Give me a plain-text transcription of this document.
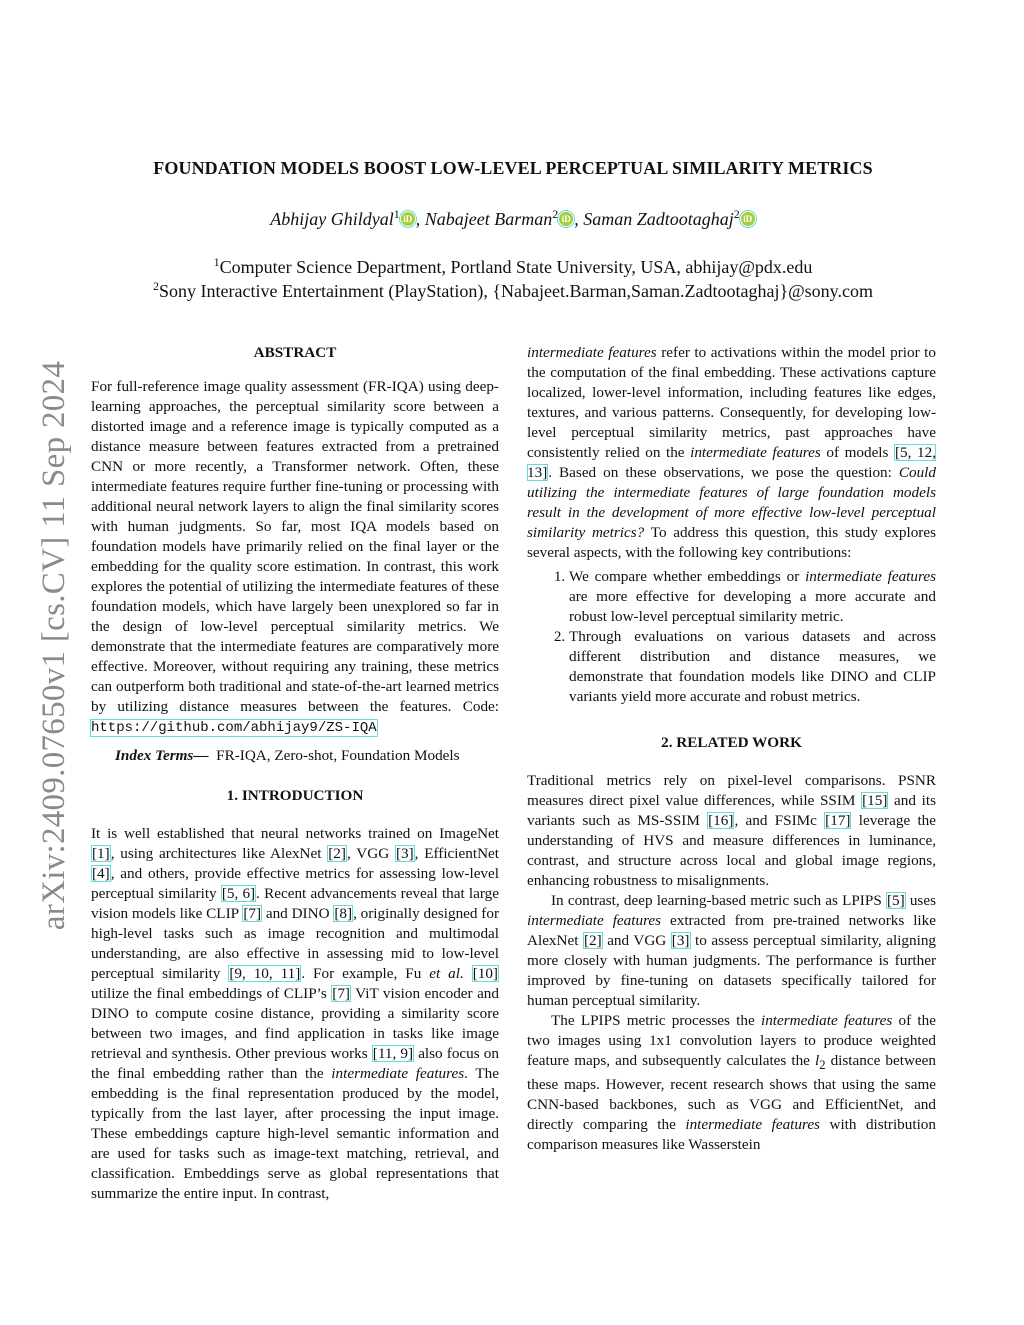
arXiv:2409.07650v1 [cs.CV] 11 Sep 2024
FOUNDATION MODELS BOOST LOW-LEVEL PERCEPTUAL SIMILARITY METRICS
Abhijay Ghildyal$^1$ iD , Nabajeet Barman$^2$ iD , Saman Zadtootaghaj$^2$ iD
$^1$Computer Science Department, Portland State University, USA, abhijay@pdx.edu
$^2$Sony Interactive Entertainment (PlayStation), {Nabajeet.Barman,Saman.Zadtootaghaj}@sony.com
ABSTRACT

For full-reference image quality assessment (FR-IQA) using deep-learning approaches, the perceptual similarity score between a distorted image and a reference image is typically computed as a distance measure between features extracted from a pretrained CNN or more recently, a Transformer network. Often, these intermediate features require further fine-tuning or processing with additional neural network layers to align the final similarity scores with human judgments. So far, most IQA models based on foundation models have primarily relied on the final layer or the embedding for the quality score estimation. In contrast, this work explores the potential of utilizing the intermediate features of these foundation models, which have largely been unexplored so far in the design of low-level perceptual similarity metrics. We demonstrate that the intermediate features are comparatively more effective. Moreover, without requiring any training, these metrics can outperform both traditional and state-of-the-art learned metrics by utilizing distance measures between the features. Code: https://github.com/abhijay9/ZS-IQA

Index Terms— FR-IQA, Zero-shot, Foundation Models

1. INTRODUCTION

It is well established that neural networks trained on ImageNet [1], using architectures like AlexNet [2], VGG [3], EfficientNet [4], and others, provide effective metrics for assessing low-level perceptual similarity [5, 6]. Recent advancements reveal that large vision models like CLIP [7] and DINO [8], originally designed for high-level tasks such as image recognition and multimodal understanding, are also effective in assessing mid to low-level perceptual similarity [9, 10, 11]. For example, Fu et al. [10] utilize the final embeddings of CLIP’s [7] ViT vision encoder and DINO to compute cosine distance, providing a similarity score between two images, and find application in tasks like image retrieval and synthesis. Other previous works [11, 9] also focus on the final embedding rather than the intermediate features. The embedding is the final representation produced by the model, typically from the last layer, after processing the input image. These embeddings capture high-level semantic information and are used for tasks such as image-text matching, retrieval, and classification. Embeddings serve as global representations that summarize the entire input. In contrast,

intermediate features refer to activations within the model prior to the computation of the final embedding. These activations capture localized, lower-level information, including features like edges, textures, and various patterns. Consequently, for developing low-level perceptual similarity metrics, past approaches have consistently relied on the intermediate features of models [5, 12, 13]. Based on these observations, we pose the question: Could utilizing the intermediate features of large foundation models result in the development of more effective low-level perceptual similarity metrics? To address this question, this study explores several aspects, with the following key contributions:

1. We compare whether embeddings or intermediate features are more effective for developing a more accurate and robust low-level perceptual similarity metric.
2. Through evaluations on various datasets and across different distribution and distance measures, we demonstrate that foundation models like DINO and CLIP variants yield more accurate and robust metrics.
2. RELATED WORK

Traditional metrics rely on pixel-level comparisons. PSNR measures direct pixel value differences, while SSIM [15] and its variants such as MS-SSIM [16], and FSIMc [17] leverage the understanding of HVS and measure differences in luminance, contrast, and structure across local and global image regions, enhancing robustness to misalignments.

In contrast, deep learning-based metric such as LPIPS [5] uses intermediate features extracted from pre-trained networks like AlexNet [2] and VGG [3] to assess perceptual similarity, aligning more closely with human judgments. The performance is further improved by fine-tuning on datasets specifically tailored for human perceptual similarity.

The LPIPS metric processes the intermediate features of the two images using 1x1 convolution layers to produce weighted feature maps, and subsequently calculates the $l_2$ distance between these maps. However, recent research shows that using the same CNN-based backbones, such as VGG and EfficientNet, and directly comparing the intermediate features with distribution comparison measures like Wasserstein
